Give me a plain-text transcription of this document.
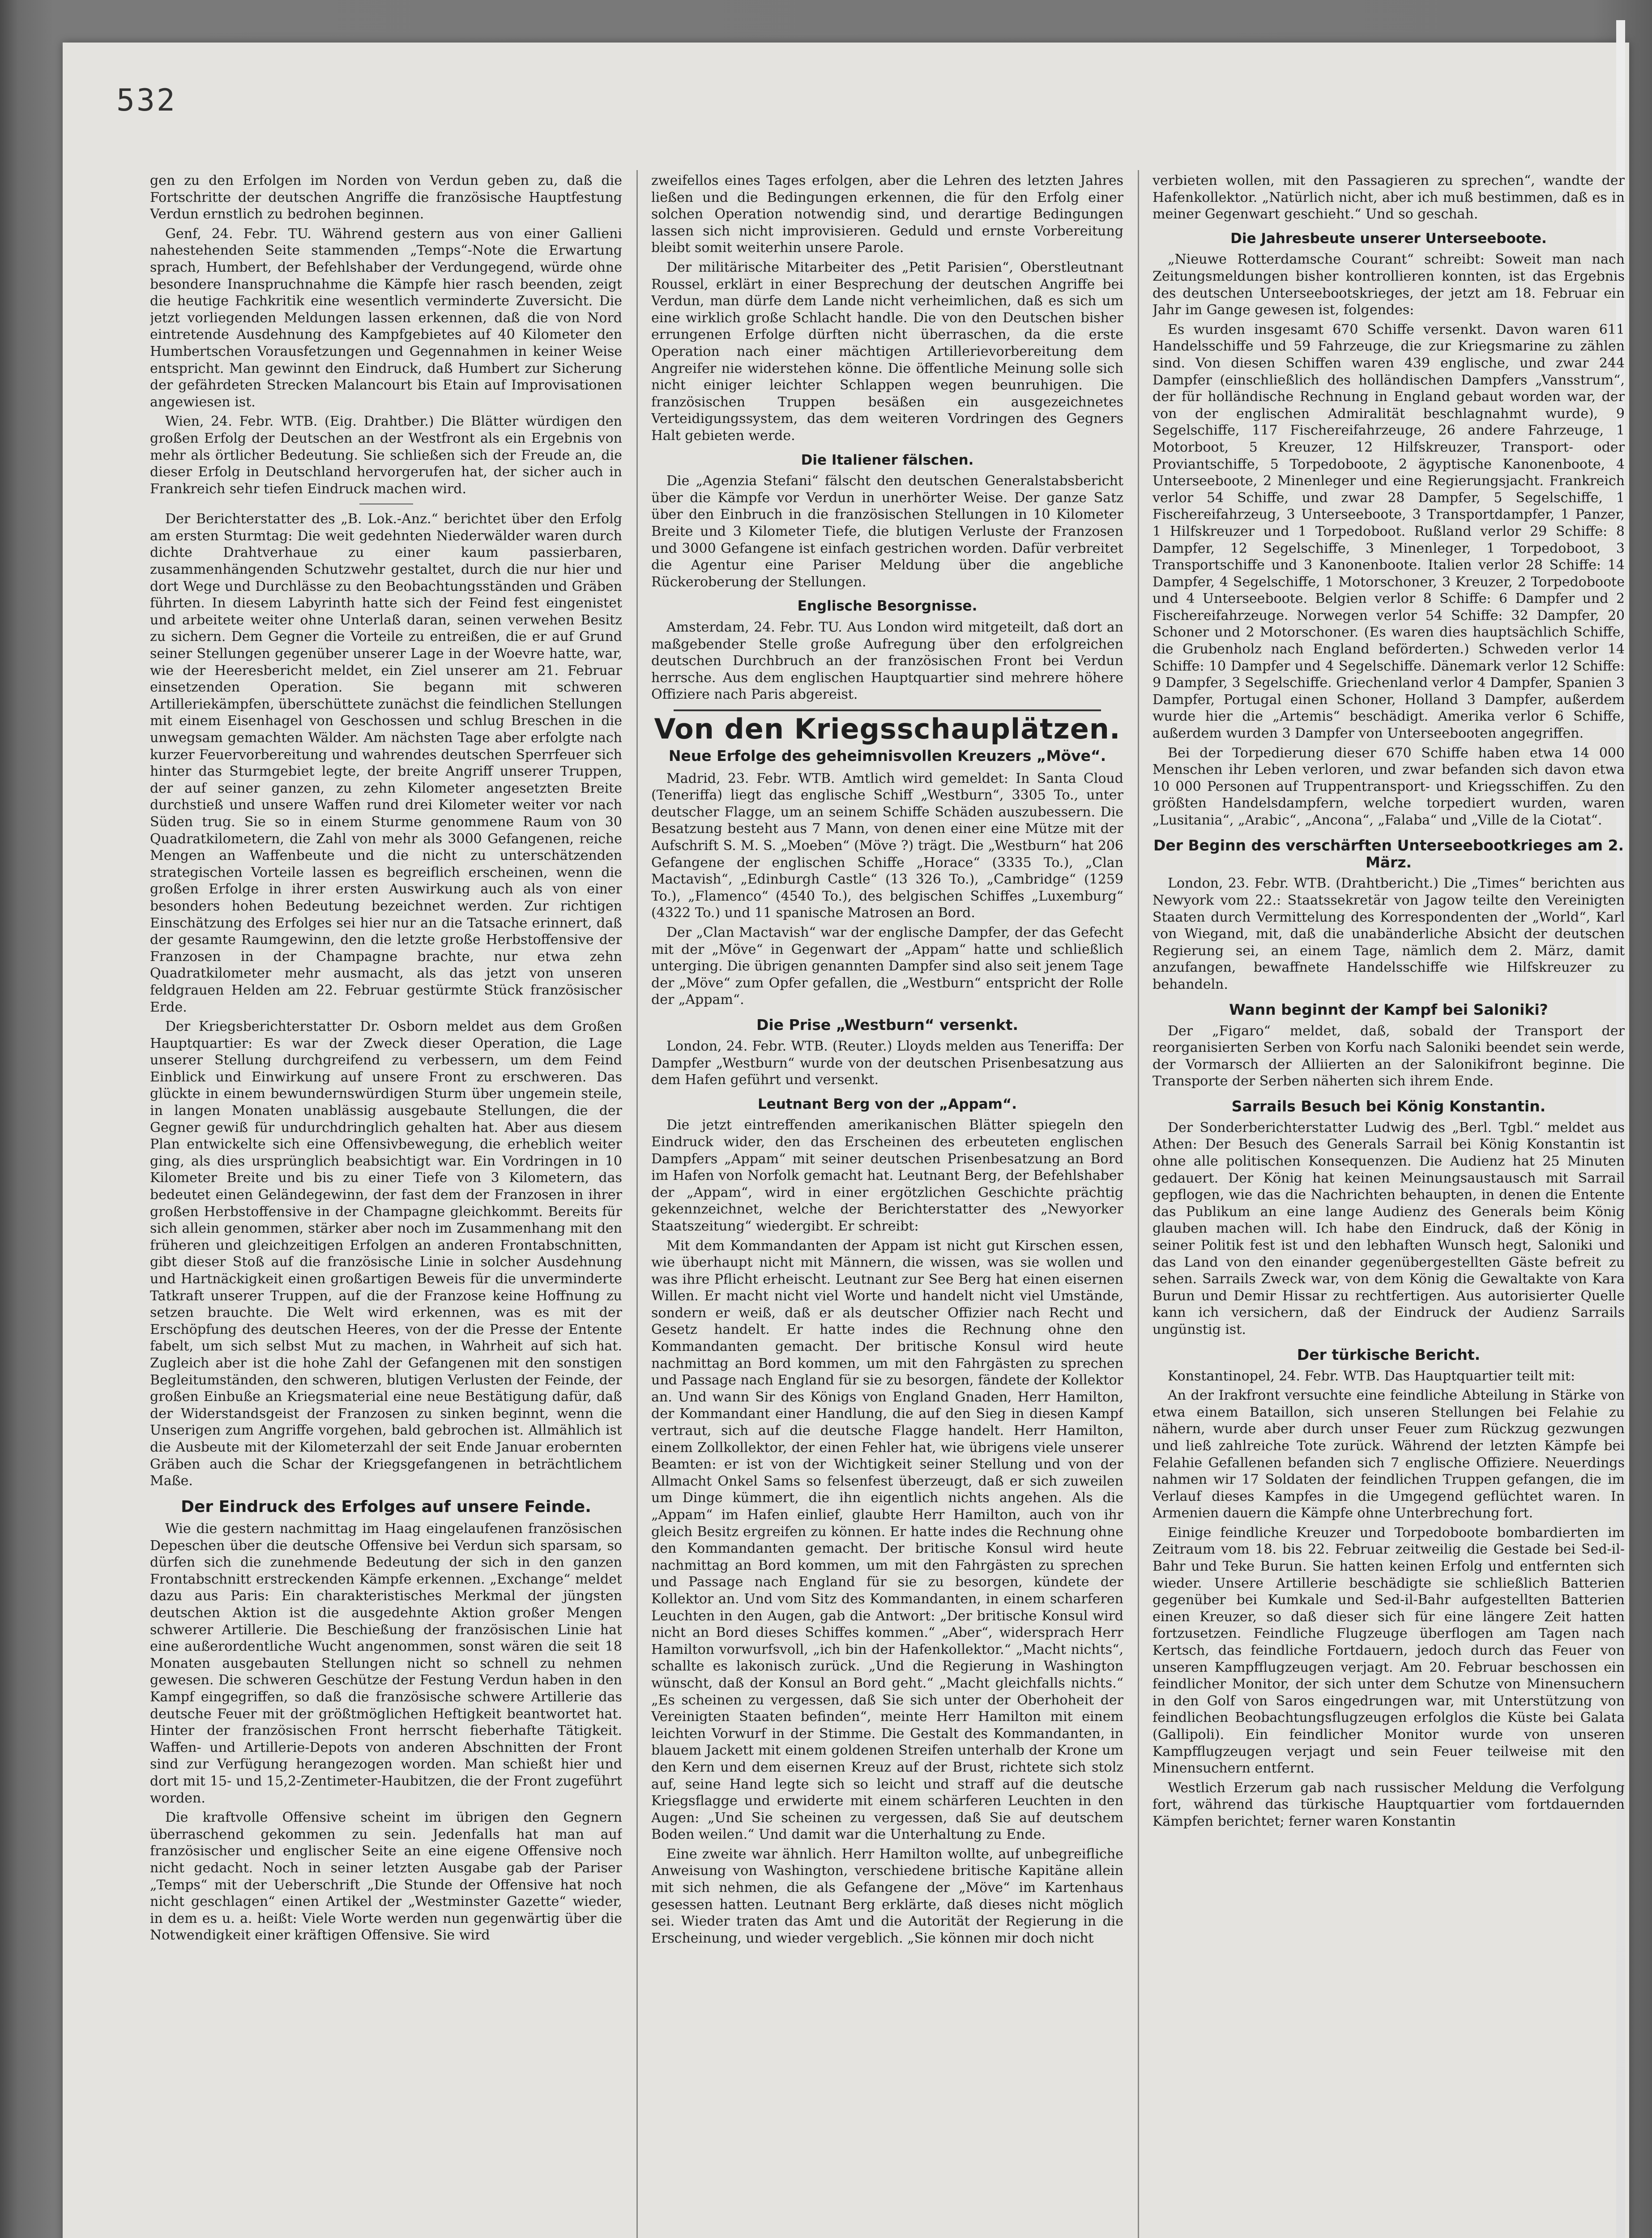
532

gen zu den Erfolgen im Norden von Verdun geben zu, daß die Fortschritte der deutschen Angriffe die französische Hauptfestung Verdun ernstlich zu bedrohen beginnen.

Genf, 24. Febr. TU. Während gestern aus von einer Gallieni nahestehenden Seite stammenden „Temps“-Note die Erwartung sprach, Humbert, der Befehlshaber der Verdungegend, würde ohne besondere Inanspruchnahme die Kämpfe hier rasch beenden, zeigt die heutige Fachkritik eine wesentlich verminderte Zuversicht. Die jetzt vorliegenden Meldungen lassen erkennen, daß die von Nord eintretende Ausdehnung des Kampfgebietes auf 40 Kilometer den Humbertschen Vorausfetzungen und Gegennahmen in keiner Weise entspricht. Man gewinnt den Eindruck, daß Humbert zur Sicherung der gefährdeten Strecken Malancourt bis Etain auf Improvisationen angewiesen ist.

Wien, 24. Febr. WTB. (Eig. Drahtber.) Die Blätter würdigen den großen Erfolg der Deutschen an der Westfront als ein Ergebnis von mehr als örtlicher Bedeutung. Sie schließen sich der Freude an, die dieser Erfolg in Deutschland hervorgerufen hat, der sicher auch in Frankreich sehr tiefen Eindruck machen wird.

Der Berichterstatter des „B. Lok.-Anz.“ berichtet über den Erfolg am ersten Sturmtag: Die weit gedehnten Niederwälder waren durch dichte Drahtverhaue zu einer kaum passierbaren, zusammenhängenden Schutzwehr gestaltet, durch die nur hier und dort Wege und Durchlässe zu den Beobachtungsständen und Gräben führten. In diesem Labyrinth hatte sich der Feind fest eingenistet und arbeitete weiter ohne Unterlaß daran, seinen verwehen Besitz zu sichern. Dem Gegner die Vorteile zu entreißen, die er auf Grund seiner Stellungen gegenüber unserer Lage in der Woevre hatte, war, wie der Heeresbericht meldet, ein Ziel unserer am 21. Februar einsetzenden Operation. Sie begann mit schweren Artilleriekämpfen, überschüttete zunächst die feindlichen Stellungen mit einem Eisenhagel von Geschossen und schlug Breschen in die unwegsam gemachten Wälder. Am nächsten Tage aber erfolgte nach kurzer Feuervorbereitung und wahrendes deutschen Sperrfeuer sich hinter das Sturmgebiet legte, der breite Angriff unserer Truppen, der auf seiner ganzen, zu zehn Kilometer angesetzten Breite durchstieß und unsere Waffen rund drei Kilometer weiter vor nach Süden trug. Sie so in einem Sturme genommene Raum von 30 Quadratkilometern, die Zahl von mehr als 3000 Gefangenen, reiche Mengen an Waffenbeute und die nicht zu unterschätzenden strategischen Vorteile lassen es begreiflich erscheinen, wenn die großen Erfolge in ihrer ersten Auswirkung auch als von einer besonders hohen Bedeutung bezeichnet werden. Zur richtigen Einschätzung des Erfolges sei hier nur an die Tatsache erinnert, daß der gesamte Raumgewinn, den die letzte große Herbstoffensive der Franzosen in der Champagne brachte, nur etwa zehn Quadratkilometer mehr ausmacht, als das jetzt von unseren feldgrauen Helden am 22. Februar gestürmte Stück französischer Erde.

Der Kriegsberichterstatter Dr. Osborn meldet aus dem Großen Hauptquartier: Es war der Zweck dieser Operation, die Lage unserer Stellung durchgreifend zu verbessern, um dem Feind Einblick und Einwirkung auf unsere Front zu erschweren. Das glückte in einem bewundernswürdigen Sturm über ungemein steile, in langen Monaten unablässig ausgebaute Stellungen, die der Gegner gewiß für undurchdringlich gehalten hat. Aber aus diesem Plan entwickelte sich eine Offensivbewegung, die erheblich weiter ging, als dies ursprünglich beabsichtigt war. Ein Vordringen in 10 Kilometer Breite und bis zu einer Tiefe von 3 Kilometern, das bedeutet einen Geländegewinn, der fast dem der Franzosen in ihrer großen Herbstoffensive in der Champagne gleichkommt. Bereits für sich allein genommen, stärker aber noch im Zusammenhang mit den früheren und gleichzeitigen Erfolgen an anderen Frontabschnitten, gibt dieser Stoß auf die französische Linie in solcher Ausdehnung und Hartnäckigkeit einen großartigen Beweis für die unverminderte Tatkraft unserer Truppen, auf die der Franzose keine Hoffnung zu setzen brauchte. Die Welt wird erkennen, was es mit der Erschöpfung des deutschen Heeres, von der die Presse der Entente fabelt, um sich selbst Mut zu machen, in Wahrheit auf sich hat. Zugleich aber ist die hohe Zahl der Gefangenen mit den sonstigen Begleitumständen, den schweren, blutigen Verlusten der Feinde, der großen Einbuße an Kriegsmaterial eine neue Bestätigung dafür, daß der Widerstandsgeist der Franzosen zu sinken beginnt, wenn die Unserigen zum Angriffe vorgehen, bald gebrochen ist. Allmählich ist die Ausbeute mit der Kilometerzahl der seit Ende Januar erobernten Gräben auch die Schar der Kriegsgefangenen in beträchtlichem Maße.

Der Eindruck des Erfolges auf unsere Feinde.

Wie die gestern nachmittag im Haag eingelaufenen französischen Depeschen über die deutsche Offensive bei Verdun sich sparsam, so dürfen sich die zunehmende Bedeutung der sich in den ganzen Frontabschnitt erstreckenden Kämpfe erkennen. „Exchange“ meldet dazu aus Paris: Ein charakteristisches Merkmal der jüngsten deutschen Aktion ist die ausgedehnte Aktion großer Mengen schwerer Artillerie. Die Beschießung der französischen Linie hat eine außerordentliche Wucht angenommen, sonst wären die seit 18 Monaten ausgebauten Stellungen nicht so schnell zu nehmen gewesen. Die schweren Geschütze der Festung Verdun haben in den Kampf eingegriffen, so daß die französische schwere Artillerie das deutsche Feuer mit der größtmöglichen Heftigkeit beantwortet hat. Hinter der französischen Front herrscht fieberhafte Tätigkeit. Waffen- und Artillerie-Depots von anderen Abschnitten der Front sind zur Verfügung herangezogen worden. Man schießt hier und dort mit 15- und 15,2-Zentimeter-Haubitzen, die der Front zugeführt worden.

Die kraftvolle Offensive scheint im übrigen den Gegnern überraschend gekommen zu sein. Jedenfalls hat man auf französischer und englischer Seite an eine eigene Offensive noch nicht gedacht. Noch in seiner letzten Ausgabe gab der Pariser „Temps“ mit der Ueberschrift „Die Stunde der Offensive hat noch nicht geschlagen“ einen Artikel der „Westminster Gazette“ wieder, in dem es u. a. heißt: Viele Worte werden nun gegenwärtig über die Notwendigkeit einer kräftigen Offensive. Sie wird

zweifellos eines Tages erfolgen, aber die Lehren des letzten Jahres ließen und die Bedingungen erkennen, die für den Erfolg einer solchen Operation notwendig sind, und derartige Bedingungen lassen sich nicht improvisieren. Geduld und ernste Vorbereitung bleibt somit weiterhin unsere Parole.

Der militärische Mitarbeiter des „Petit Parisien“, Oberstleutnant Roussel, erklärt in einer Besprechung der deutschen Angriffe bei Verdun, man dürfe dem Lande nicht verheimlichen, daß es sich um eine wirklich große Schlacht handle. Die von den Deutschen bisher errungenen Erfolge dürften nicht überraschen, da die erste Operation nach einer mächtigen Artillerievorbereitung dem Angreifer nie widerstehen könne. Die öffentliche Meinung solle sich nicht einiger leichter Schlappen wegen beunruhigen. Die französischen Truppen besäßen ein ausgezeichnetes Verteidigungssystem, das dem weiteren Vordringen des Gegners Halt gebieten werde.

Die Italiener fälschen.

Die „Agenzia Stefani“ fälscht den deutschen Generalstabsbericht über die Kämpfe vor Verdun in unerhörter Weise. Der ganze Satz über den Einbruch in die französischen Stellungen in 10 Kilometer Breite und 3 Kilometer Tiefe, die blutigen Verluste der Franzosen und 3000 Gefangene ist einfach gestrichen worden. Dafür verbreitet die Agentur eine Pariser Meldung über die angebliche Rückeroberung der Stellungen.

Englische Besorgnisse.

Amsterdam, 24. Febr. TU. Aus London wird mitgeteilt, daß dort an maßgebender Stelle große Aufregung über den erfolgreichen deutschen Durchbruch an der französischen Front bei Verdun herrsche. Aus dem englischen Hauptquartier sind mehrere höhere Offiziere nach Paris abgereist.

Von den Kriegsschauplätzen.
Neue Erfolge des geheimnisvollen Kreuzers „Möve“.

Madrid, 23. Febr. WTB. Amtlich wird gemeldet: In Santa Cloud (Teneriffa) liegt das englische Schiff „Westburn“, 3305 To., unter deutscher Flagge, um an seinem Schiffe Schäden auszubessern. Die Besatzung besteht aus 7 Mann, von denen einer eine Mütze mit der Aufschrift S. M. S. „Moeben“ (Möve ?) trägt. Die „Westburn“ hat 206 Gefangene der englischen Schiffe „Horace“ (3335 To.), „Clan Mactavish“, „Edinburgh Castle“ (13 326 To.), „Cambridge“ (1259 To.), „Flamenco“ (4540 To.), des belgischen Schiffes „Luxemburg“ (4322 To.) und 11 spanische Matrosen an Bord.

Der „Clan Mactavish“ war der englische Dampfer, der das Gefecht mit der „Möve“ in Gegenwart der „Appam“ hatte und schließlich unterging. Die übrigen genannten Dampfer sind also seit jenem Tage der „Möve“ zum Opfer gefallen, die „Westburn“ entspricht der Rolle der „Appam“.

Die Prise „Westburn“ versenkt.

London, 24. Febr. WTB. (Reuter.) Lloyds melden aus Teneriffa: Der Dampfer „Westburn“ wurde von der deutschen Prisenbesatzung aus dem Hafen geführt und versenkt.

Leutnant Berg von der „Appam“.

Die jetzt eintreffenden amerikanischen Blätter spiegeln den Eindruck wider, den das Erscheinen des erbeuteten englischen Dampfers „Appam“ mit seiner deutschen Prisenbesatzung an Bord im Hafen von Norfolk gemacht hat. Leutnant Berg, der Befehlshaber der „Appam“, wird in einer ergötzlichen Geschichte prächtig gekennzeichnet, welche der Berichterstatter des „Newyorker Staatszeitung“ wiedergibt. Er schreibt:

Mit dem Kommandanten der Appam ist nicht gut Kirschen essen, wie überhaupt nicht mit Männern, die wissen, was sie wollen und was ihre Pflicht erheischt. Leutnant zur See Berg hat einen eisernen Willen. Er macht nicht viel Worte und handelt nicht viel Umstände, sondern er weiß, daß er als deutscher Offizier nach Recht und Gesetz handelt. Er hatte indes die Rechnung ohne den Kommandanten gemacht. Der britische Konsul wird heute nachmittag an Bord kommen, um mit den Fahrgästen zu sprechen und Passage nach England für sie zu besorgen, fändete der Kollektor an. Und wann Sir des Königs von England Gnaden, Herr Hamilton, der Kommandant einer Handlung, die auf den Sieg in diesen Kampf vertraut, sich auf die deutsche Flagge handelt. Herr Hamilton, einem Zollkollektor, der einen Fehler hat, wie übrigens viele unserer Beamten: er ist von der Wichtigkeit seiner Stellung und von der Allmacht Onkel Sams so felsenfest überzeugt, daß er sich zuweilen um Dinge kümmert, die ihn eigentlich nichts angehen. Als die „Appam“ im Hafen einlief, glaubte Herr Hamilton, auch von ihr gleich Besitz ergreifen zu können. Er hatte indes die Rechnung ohne den Kommandanten gemacht. Der britische Konsul wird heute nachmittag an Bord kommen, um mit den Fahrgästen zu sprechen und Passage nach England für sie zu besorgen, kündete der Kollektor an. Und vom Sitz des Kommandanten, in einem scharferen Leuchten in den Augen, gab die Antwort: „Der britische Konsul wird nicht an Bord dieses Schiffes kommen.“ „Aber“, widersprach Herr Hamilton vorwurfsvoll, „ich bin der Hafenkollektor.“ „Macht nichts“, schallte es lakonisch zurück. „Und die Regierung in Washington wünscht, daß der Konsul an Bord geht.“ „Macht gleichfalls nichts.“ „Es scheinen zu vergessen, daß Sie sich unter der Oberhoheit der Vereinigten Staaten befinden“, meinte Herr Hamilton mit einem leichten Vorwurf in der Stimme. Die Gestalt des Kommandanten, in blauem Jackett mit einem goldenen Streifen unterhalb der Krone um den Kern und dem eisernen Kreuz auf der Brust, richtete sich stolz auf, seine Hand legte sich so leicht und straff auf die deutsche Kriegsflagge und erwiderte mit einem schärferen Leuchten in den Augen: „Und Sie scheinen zu vergessen, daß Sie auf deutschem Boden weilen.“ Und damit war die Unterhaltung zu Ende.

Eine zweite war ähnlich. Herr Hamilton wollte, auf unbegreifliche Anweisung von Washington, verschiedene britische Kapitäne allein mit sich nehmen, die als Gefangene der „Möve“ im Kartenhaus gesessen hatten. Leutnant Berg erklärte, daß dieses nicht möglich sei. Wieder traten das Amt und die Autorität der Regierung in die Erscheinung, und wieder vergeblich. „Sie können mir doch nicht

verbieten wollen, mit den Passagieren zu sprechen“, wandte der Hafenkollektor. „Natürlich nicht, aber ich muß bestimmen, daß es in meiner Gegenwart geschieht.“ Und so geschah.

Die Jahresbeute unserer Unterseeboote.

„Nieuwe Rotterdamsche Courant“ schreibt: Soweit man nach Zeitungsmeldungen bisher kontrollieren konnten, ist das Ergebnis des deutschen Unterseebootskrieges, der jetzt am 18. Februar ein Jahr im Gange gewesen ist, folgendes:

Es wurden insgesamt 670 Schiffe versenkt. Davon waren 611 Handelsschiffe und 59 Fahrzeuge, die zur Kriegsmarine zu zählen sind. Von diesen Schiffen waren 439 englische, und zwar 244 Dampfer (einschließlich des holländischen Dampfers „Vansstrum“, der für holländische Rechnung in England gebaut worden war, der von der englischen Admiralität beschlagnahmt wurde), 9 Segelschiffe, 117 Fischereifahrzeuge, 26 andere Fahrzeuge, 1 Motorboot, 5 Kreuzer, 12 Hilfskreuzer, Transport- oder Proviantschiffe, 5 Torpedoboote, 2 ägyptische Kanonenboote, 4 Unterseeboote, 2 Minenleger und eine Regierungsjacht. Frankreich verlor 54 Schiffe, und zwar 28 Dampfer, 5 Segelschiffe, 1 Fischereifahrzeug, 3 Unterseeboote, 3 Transportdampfer, 1 Panzer, 1 Hilfskreuzer und 1 Torpedoboot. Rußland verlor 29 Schiffe: 8 Dampfer, 12 Segelschiffe, 3 Minenleger, 1 Torpedoboot, 3 Transportschiffe und 3 Kanonenboote. Italien verlor 28 Schiffe: 14 Dampfer, 4 Segelschiffe, 1 Motorschoner, 3 Kreuzer, 2 Torpedoboote und 4 Unterseeboote. Belgien verlor 8 Schiffe: 6 Dampfer und 2 Fischereifahrzeuge. Norwegen verlor 54 Schiffe: 32 Dampfer, 20 Schoner und 2 Motorschoner. (Es waren dies hauptsächlich Schiffe, die Grubenholz nach England beförderten.) Schweden verlor 14 Schiffe: 10 Dampfer und 4 Segelschiffe. Dänemark verlor 12 Schiffe: 9 Dampfer, 3 Segelschiffe. Griechenland verlor 4 Dampfer, Spanien 3 Dampfer, Portugal einen Schoner, Holland 3 Dampfer, außerdem wurde hier die „Artemis“ beschädigt. Amerika verlor 6 Schiffe, außerdem wurden 3 Dampfer von Unterseebooten angegriffen.

Bei der Torpedierung dieser 670 Schiffe haben etwa 14 000 Menschen ihr Leben verloren, und zwar befanden sich davon etwa 10 000 Personen auf Truppentransport- und Kriegsschiffen. Zu den größten Handelsdampfern, welche torpediert wurden, waren „Lusitania“, „Arabic“, „Ancona“, „Falaba“ und „Ville de la Ciotat“.

Der Beginn des verschärften Unterseebootkrieges am 2. März.

London, 23. Febr. WTB. (Drahtbericht.) Die „Times“ berichten aus Newyork vom 22.: Staatssekretär von Jagow teilte den Vereinigten Staaten durch Vermittelung des Korrespondenten der „World“, Karl von Wiegand, mit, daß die unabänderliche Absicht der deutschen Regierung sei, an einem Tage, nämlich dem 2. März, damit anzufangen, bewaffnete Handelsschiffe wie Hilfskreuzer zu behandeln.

Wann beginnt der Kampf bei Saloniki?

Der „Figaro“ meldet, daß, sobald der Transport der reorganisierten Serben von Korfu nach Saloniki beendet sein werde, der Vormarsch der Alliierten an der Salonikifront beginne. Die Transporte der Serben näherten sich ihrem Ende.

Sarrails Besuch bei König Konstantin.

Der Sonderberichterstatter Ludwig des „Berl. Tgbl.“ meldet aus Athen: Der Besuch des Generals Sarrail bei König Konstantin ist ohne alle politischen Konsequenzen. Die Audienz hat 25 Minuten gedauert. Der König hat keinen Meinungsaustausch mit Sarrail gepflogen, wie das die Nachrichten behaupten, in denen die Entente das Publikum an eine lange Audienz des Generals beim König glauben machen will. Ich habe den Eindruck, daß der König in seiner Politik fest ist und den lebhaften Wunsch hegt, Saloniki und das Land von den einander gegenübergestellten Gäste befreit zu sehen. Sarrails Zweck war, von dem König die Gewaltakte von Kara Burun und Demir Hissar zu rechtfertigen. Aus autorisierter Quelle kann ich versichern, daß der Eindruck der Audienz Sarrails ungünstig ist.

Der türkische Bericht.

Konstantinopel, 24. Febr. WTB. Das Hauptquartier teilt mit:

An der Irakfront versuchte eine feindliche Abteilung in Stärke von etwa einem Bataillon, sich unseren Stellungen bei Felahie zu nähern, wurde aber durch unser Feuer zum Rückzug gezwungen und ließ zahlreiche Tote zurück. Während der letzten Kämpfe bei Felahie Gefallenen befanden sich 7 englische Offiziere. Neuerdings nahmen wir 17 Soldaten der feindlichen Truppen gefangen, die im Verlauf dieses Kampfes in die Umgegend geflüchtet waren. In Armenien dauern die Kämpfe ohne Unterbrechung fort.

Einige feindliche Kreuzer und Torpedoboote bombardierten im Zeitraum vom 18. bis 22. Februar zeitweilig die Gestade bei Sed-il-Bahr und Teke Burun. Sie hatten keinen Erfolg und entfernten sich wieder. Unsere Artillerie beschädigte sie schließlich Batterien gegenüber bei Kumkale und Sed-il-Bahr aufgestellten Batterien einen Kreuzer, so daß dieser sich für eine längere Zeit hatten fortzusetzen. Feindliche Flugzeuge überflogen am Tagen nach Kertsch, das feindliche Fortdauern, jedoch durch das Feuer von unseren Kampfflugzeugen verjagt. Am 20. Februar beschossen ein feindlicher Monitor, der sich unter dem Schutze von Minensuchern in den Golf von Saros eingedrungen war, mit Unterstützung von feindlichen Beobachtungsflugzeugen erfolglos die Küste bei Galata (Gallipoli). Ein feindlicher Monitor wurde von unseren Kampfflugzeugen verjagt und sein Feuer teilweise mit den Minensuchern entfernt.

Westlich Erzerum gab nach russischer Meldung die Verfolgung fort, während das türkische Hauptquartier vom fortdauernden Kämpfen berichtet; ferner waren Konstantin
